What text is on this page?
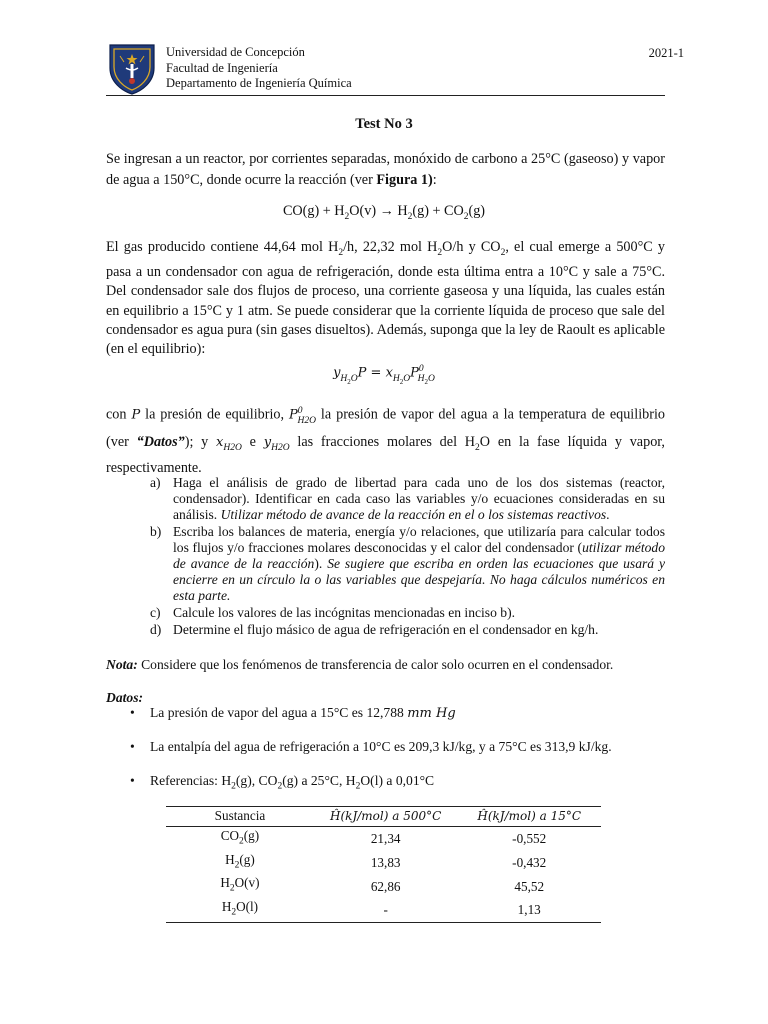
Universidad de Concepción
Facultad de Ingeniería
Departamento de Ingeniería Química
2021-1
Test No 3

Se ingresan a un reactor, por corrientes separadas, monóxido de carbono a 25°C (gaseoso) y vapor de agua a 150°C, donde ocurre la reacción (ver Figura 1):

$CO(g) + H_2O(v) \to H_2(g) + CO_2(g)$

El gas producido contiene 44,64 mol $H_2/h$, 22,32 mol $H_2O/h$ y $CO_2$, el cual emerge a 500°C y pasa a un condensador con agua de refrigeración, donde esta última entra a 10°C y sale a 75°C. Del condensador sale dos flujos de proceso, una corriente gaseosa y una líquida, las cuales están en equilibrio a 15°C y 1 atm. Se puede considerar que la corriente líquida de proceso que sale del condensador es agua pura (sin gases disueltos). Además, suponga que la ley de Raoult es aplicable (en el equilibrio):

$y_{H_2O}P = x_{H_2O}P^0_{H_2O}$

con P la presión de equilibrio, $P^0_{H2O}$ la presión de vapor del agua a la temperatura de equilibrio (ver “Datos”); y $x_{H2O}$ e $y_{H2O}$ las fracciones molares del $H_2O$ en la fase líquida y vapor, respectivamente.

a) Haga el análisis de grado de libertad para cada uno de los dos sistemas (reactor, condensador). Identificar en cada caso las variables y/o ecuaciones consideradas en su análisis. Utilizar método de avance de la reacción en el o los sistemas reactivos.
b) Escriba los balances de materia, energía y/o relaciones, que utilizaría para calcular todos los flujos y/o fracciones molares desconocidas y el calor del condensador (utilizar método de avance de la reacción). Se sugiere que escriba en orden las ecuaciones que usará y encierre en un círculo la o las variables que despejaría. No haga cálculos numéricos en esta parte.
c) Calcule los valores de las incógnitas mencionadas en inciso b).
d) Determine el flujo másico de agua de refrigeración en el condensador en kg/h.

Nota: Considere que los fenómenos de transferencia de calor solo ocurren en el condensador.

Datos:
• La presión de vapor del agua a 15°C es 12,788 mm Hg
• La entalpía del agua de refrigeración a 10°C es 209,3 kJ/kg, y a 75°C es 313,9 kJ/kg.
• Referencias: $H_2(g)$, $CO_2(g)$ a 25°C, $H_2O(l)$ a 0,01°C
Sustancia	Ĥ(kJ/mol) a 500°C	Ĥ(kJ/mol) a 15°C
$CO_2(g)$	21,34	-0,552
$H_2(g)$	13,83	-0,432
$H_2O(v)$	62,86	45,52
$H_2O(l)$	-	1,13
